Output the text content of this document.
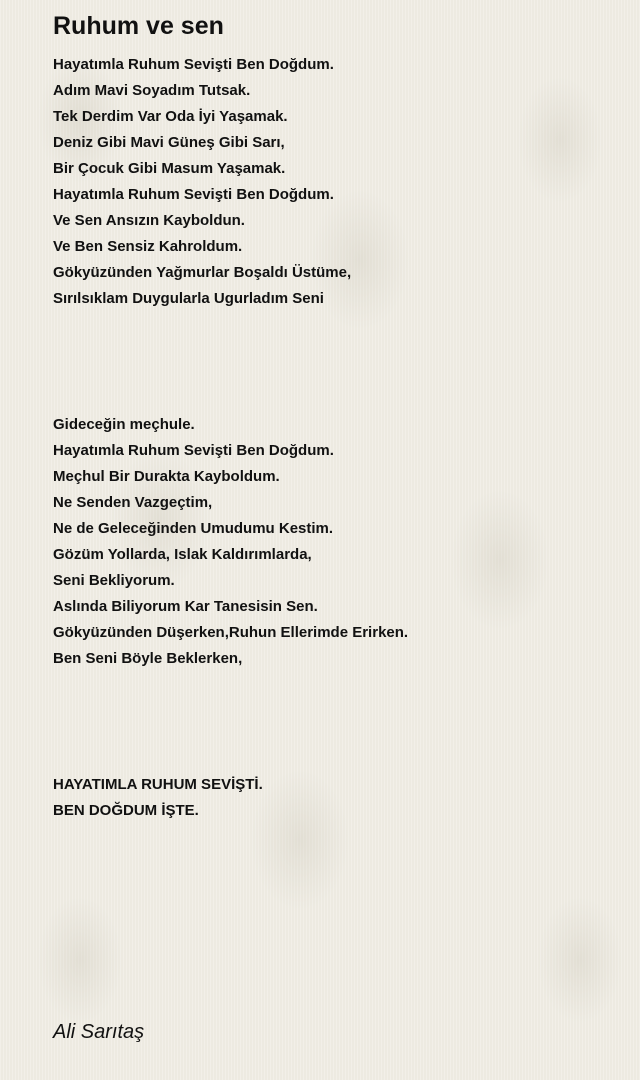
Ruhum ve sen
Hayatımla Ruhum Sevişti Ben Doğdum.
Adım Mavi Soyadım Tutsak.
Tek Derdim Var Oda İyi Yaşamak.
Deniz Gibi Mavi Güneş Gibi Sarı,
Bir Çocuk Gibi Masum Yaşamak.
Hayatımla Ruhum Sevişti Ben Doğdum.
Ve Sen Ansızın Kayboldun.
Ve Ben Sensiz Kahroldum.
Gökyüzünden Yağmurlar Boşaldı Üstüme,
Sırılsıklam Duygularla Ugurladım Seni
Gideceğin meçhule.
Hayatımla Ruhum Sevişti Ben Doğdum.
Meçhul Bir Durakta Kayboldum.
Ne Senden Vazgeçtim,
Ne de Geleceğinden Umudumu Kestim.
Gözüm Yollarda, Islak Kaldırımlarda,
Seni Bekliyorum.
Aslında Biliyorum Kar Tanesisin Sen.
Gökyüzünden Düşerken,Ruhun Ellerimde Erirken.
Ben Seni Böyle Beklerken,
HAYATIMLA RUHUM SEVİŞTİ.
BEN DOĞDUM İŞTE.
Ali Sarıtaş
